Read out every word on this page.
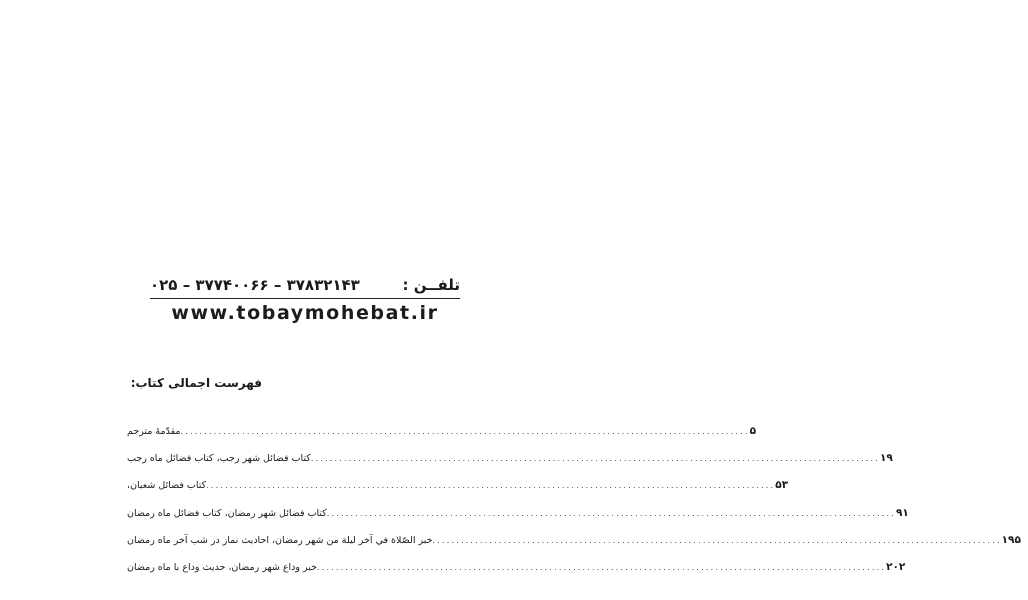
تلفــن :
۰۲۵ – ۳۷۷۴۰۰۶۶ – ۳۷۸۳۲۱۴۳
www.tobaymohebat.ir
فهرست اجمالی کتاب:
مقدّمهٔ مترجم ........................................................................................................................ ۵
کتاب فضائل شهر رجب، کتاب فضائل ماه رجب ........................................................................................................................ ۱۹
کتاب فضائل شعبان، ........................................................................................................................ ۵۳
کتاب فضائل شهر رمضان، کتاب فضائل ماه رمضان ........................................................................................................................ ۹۱
خبر الصّلاة في آخر ليلة من شهر رمضان، احادیث نماز در شب آخر ماه رمضان ........................................................................................................................ ۱۹۵
خبر وداع شهر رمضان، حدیث وداع با ماه رمضان ........................................................................................................................ ۲۰۲
